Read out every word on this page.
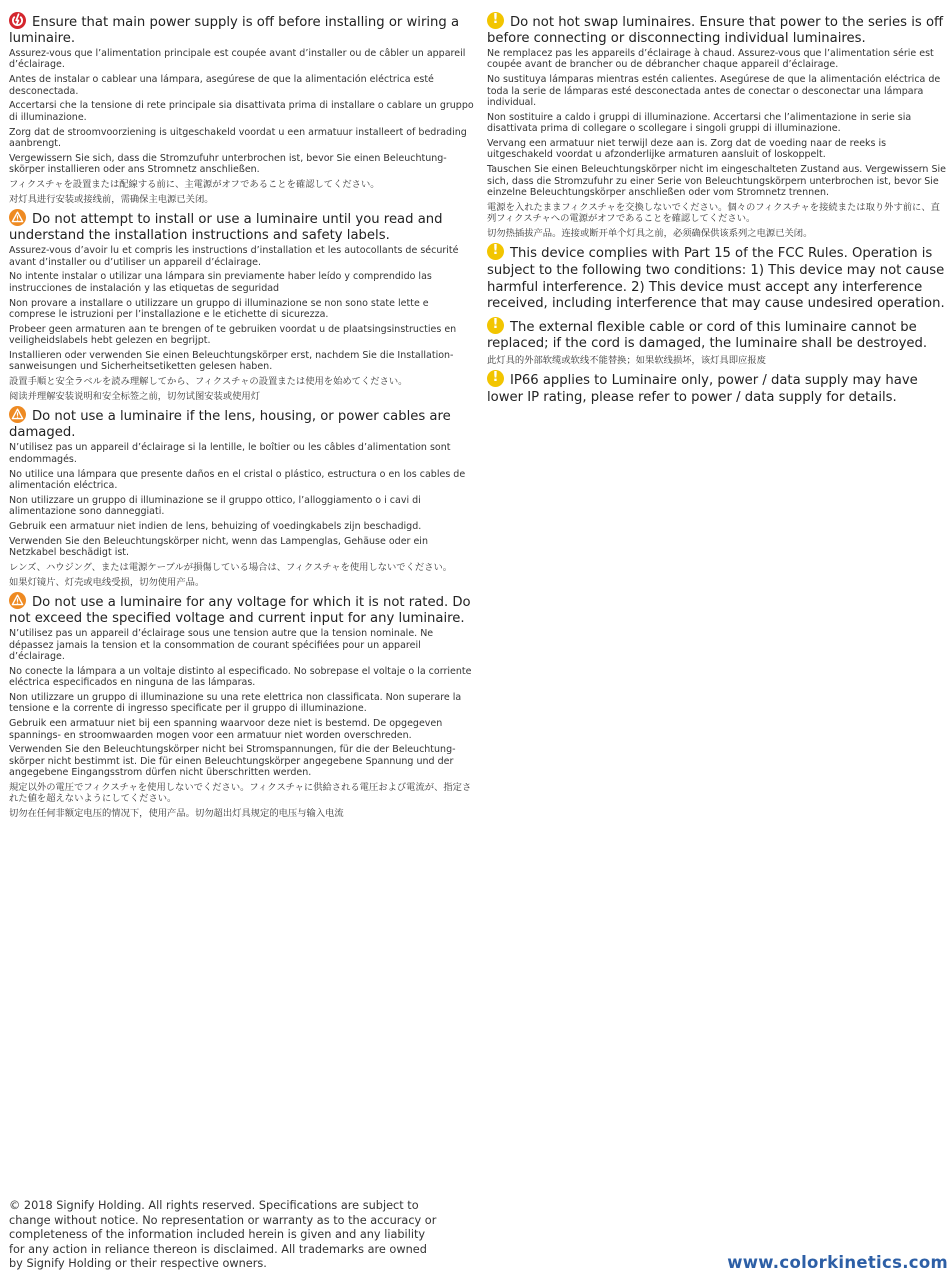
Ensure that main power supply is off before installing or wiring a luminaire.

Assurez-vous que l’alimentation principale est coupée avant d’installer ou de câbler un appareil d’éclairage.

Antes de instalar o cablear una lámpara, asegúrese de que la alimentación eléctrica esté desconectada.

Accertarsi che la tensione di rete principale sia disattivata prima di installare o cablare un gruppo di illuminazione.

Zorg dat de stroomvoorziening is uitgeschakeld voordat u een armatuur installeert of bedrading aanbrengt.

Vergewissern Sie sich, dass die Stromzufuhr unterbrochen ist, bevor Sie einen Beleuchtung-skörper installieren oder ans Stromnetz anschließen.

フィクスチャを設置または配線する前に、主電源がオフであることを確認してください。

对灯具进行安装或接线前，需确保主电源已关闭。

Do not attempt to install or use a luminaire until you read and understand the installation instructions and safety labels.

Assurez-vous d’avoir lu et compris les instructions d’installation et les autocollants de sécurité avant d’installer ou d’utiliser un appareil d’éclairage.

No intente instalar o utilizar una lámpara sin previamente haber leído y comprendido las instrucciones de instalación y las etiquetas de seguridad

Non provare a installare o utilizzare un gruppo di illuminazione se non sono state lette e comprese le istruzioni per l’installazione e le etichette di sicurezza.

Probeer geen armaturen aan te brengen of te gebruiken voordat u de plaatsingsinstructies en veiligheidslabels hebt gelezen en begrijpt.

Installieren oder verwenden Sie einen Beleuchtungskörper erst, nachdem Sie die Installation-sanweisungen und Sicherheitsetiketten gelesen haben.

設置手順と安全ラベルを読み理解してから、フィクスチャの設置または使用を始めてください。

阅读并理解安装说明和安全标签之前，切勿试图安装或使用灯

Do not use a luminaire if the lens, housing, or power cables are damaged.

N’utilisez pas un appareil d’éclairage si la lentille, le boîtier ou les câbles d’alimentation sont endommagés.

No utilice una lámpara que presente daños en el cristal o plástico, estructura o en los cables de alimentación eléctrica.

Non utilizzare un gruppo di illuminazione se il gruppo ottico, l’alloggiamento o i cavi di alimentazione sono danneggiati.

Gebruik een armatuur niet indien de lens, behuizing of voedingkabels zijn beschadigd.

Verwenden Sie den Beleuchtungskörper nicht, wenn das Lampenglas, Gehäuse oder ein Netzkabel beschädigt ist.

レンズ、ハウジング、または電源ケーブルが損傷している場合は、フィクスチャを使用しないでください。

如果灯镜片、灯壳或电线受损，切勿使用产品。

Do not use a luminaire for any voltage for which it is not rated. Do not exceed the specified voltage and current input for any luminaire.

N’utilisez pas un appareil d’éclairage sous une tension autre que la tension nominale. Ne dépassez jamais la tension et la consommation de courant spécifiées pour un appareil d’éclairage.

No conecte la lámpara a un voltaje distinto al especificado. No sobrepase el voltaje o la corriente eléctrica especificados en ninguna de las lámparas.

Non utilizzare un gruppo di illuminazione su una rete elettrica non classificata. Non superare la tensione e la corrente di ingresso specificate per il gruppo di illuminazione.

Gebruik een armatuur niet bij een spanning waarvoor deze niet is bestemd. De opgegeven spannings- en stroomwaarden mogen voor een armatuur niet worden overschreden.

Verwenden Sie den Beleuchtungskörper nicht bei Stromspannungen, für die der Beleuchtung-skörper nicht bestimmt ist. Die für einen Beleuchtungskörper angegebene Spannung und der angegebene Eingangsstrom dürfen nicht überschritten werden.

規定以外の電圧でフィクスチャを使用しないでください。フィクスチャに供給される電圧および電流が、指定された値を超えないようにしてください。

切勿在任何非额定电压的情况下，使用产品。切勿超出灯具规定的电压与输入电流

! Do not hot swap luminaires. Ensure that power to the series is off before connecting or disconnecting individual luminaires.

Ne remplacez pas les appareils d’éclairage à chaud. Assurez-vous que l’alimentation série est coupée avant de brancher ou de débrancher chaque appareil d’éclairage.

No sustituya lámparas mientras estén calientes. Asegúrese de que la alimentación eléctrica de toda la serie de lámparas esté desconectada antes de conectar o desconectar una lámpara individual.

Non sostituire a caldo i gruppi di illuminazione. Accertarsi che l’alimentazione in serie sia disattivata prima di collegare o scollegare i singoli gruppi di illuminazione.

Vervang een armatuur niet terwijl deze aan is. Zorg dat de voeding naar de reeks is uitgeschakeld voordat u afzonderlijke armaturen aansluit of loskoppelt.

Tauschen Sie einen Beleuchtungskörper nicht im eingeschalteten Zustand aus. Vergewissern Sie sich, dass die Stromzufuhr zu einer Serie von Beleuchtungskörpern unterbrochen ist, bevor Sie einzelne Beleuchtungskörper anschließen oder vom Stromnetz trennen.

電源を入れたままフィクスチャを交換しないでください。個々のフィクスチャを接続または取り外す前に、直列フィクスチャへの電源がオフであることを確認してください。

切勿热插拔产品。连接或断开单个灯具之前，必须确保供该系列之电源已关闭。

! This device complies with Part 15 of the FCC Rules. Operation is subject to the following two conditions: 1) This device may not cause harmful interference. 2) This device must accept any interference received, including interference that may cause undesired operation.
! The external flexible cable or cord of this luminaire cannot be replaced; if the cord is damaged, the luminaire shall be destroyed.

此灯具的外部软缆或软线不能替换；如果软线损坏，该灯具即应报废

! IP66 applies to Luminaire only, power / data supply may have lower IP rating, please refer to power / data supply for details.
© 2018 Signify Holding. All rights reserved. Specifications are subject to change without notice. No representation or warranty as to the accuracy or completeness of the information included herein is given and any liability for any action in reliance thereon is disclaimed. All trademarks are owned by Signify Holding or their respective owners.	www.colorkinetics.com
